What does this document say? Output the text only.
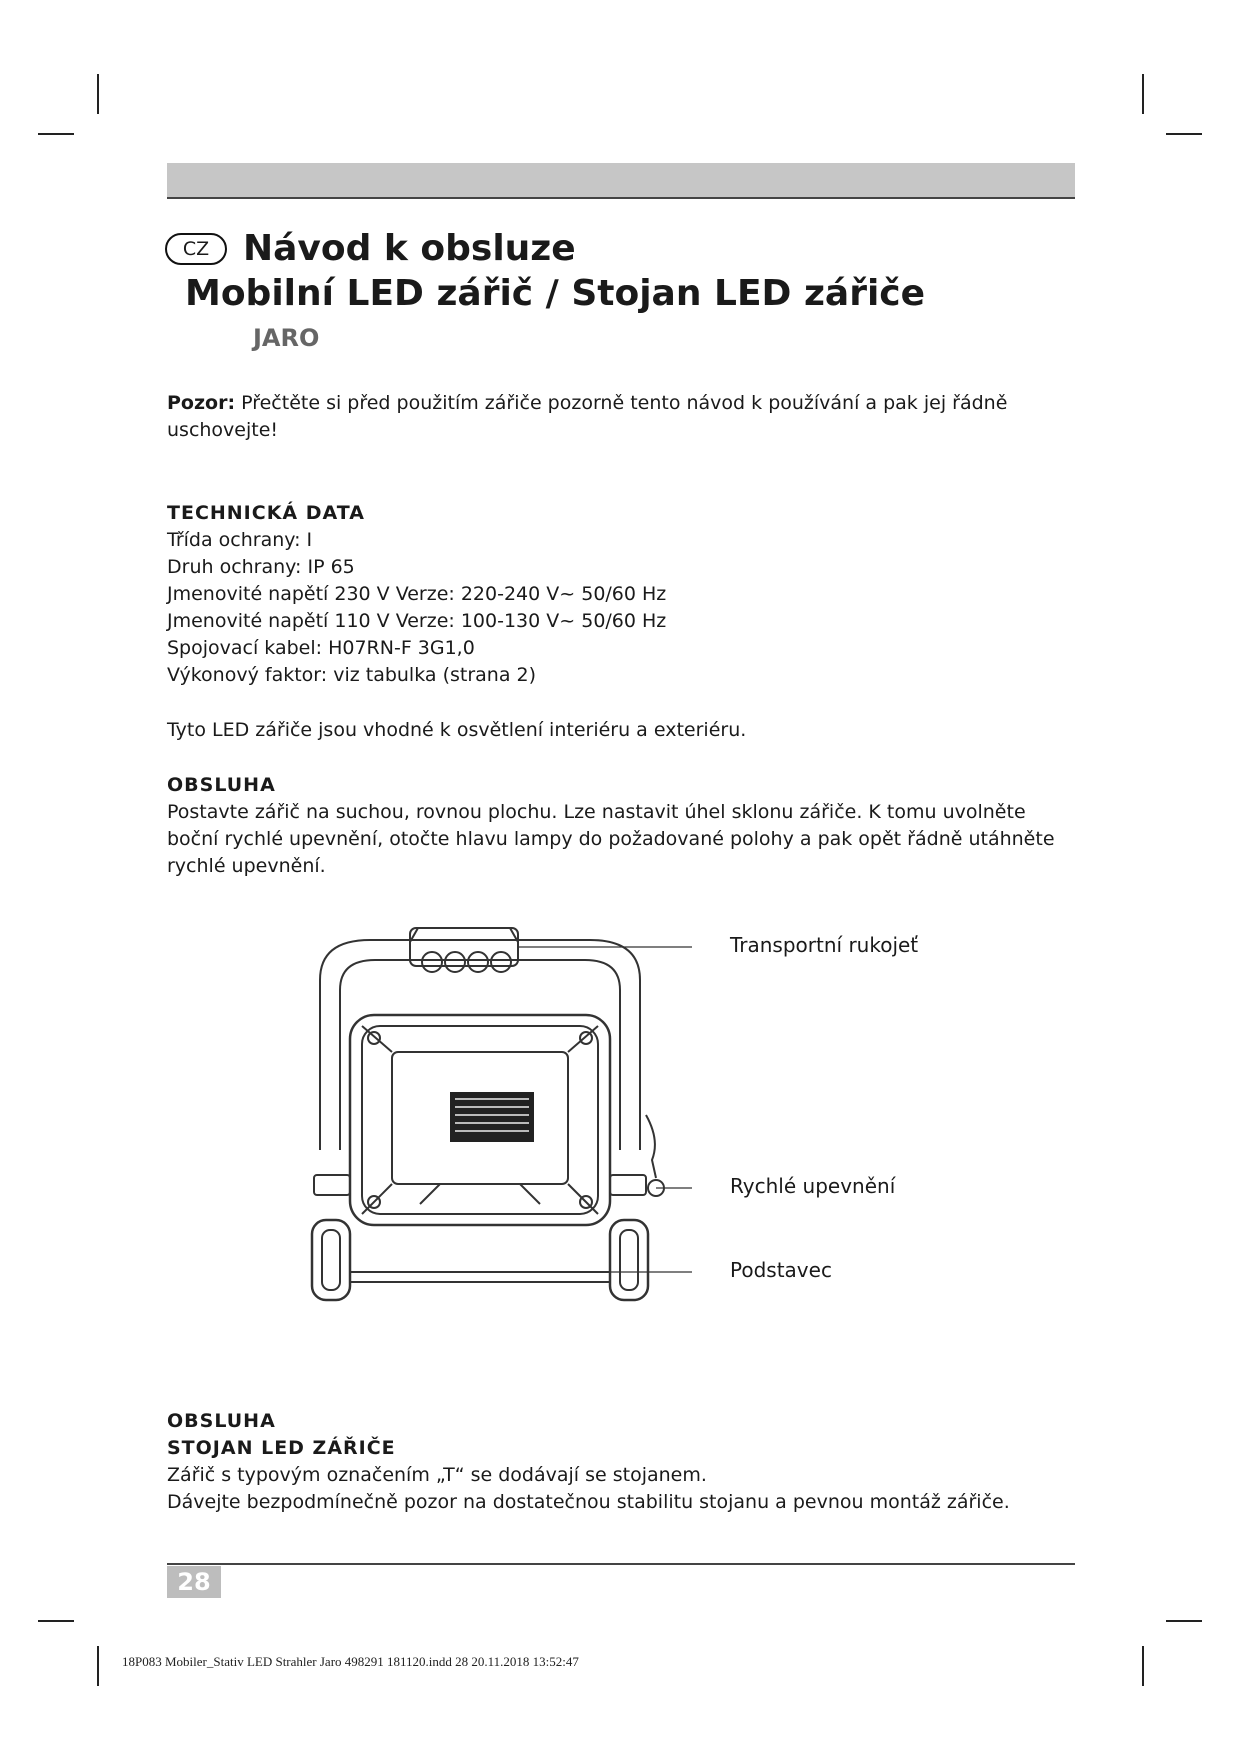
CZ Návod k obsluze
Mobilní LED zářič / Stojan LED zářiče
JARO

Pozor: Přečtěte si před použitím zářiče pozorně tento návod k používání a pak jej řádně uschovejte!

TECHNICKÁ DATA

Třída ochrany: I

Druh ochrany: IP 65

Jmenovité napětí 230 V Verze: 220-240 V~ 50/60 Hz

Jmenovité napětí 110 V Verze: 100-130 V~ 50/60 Hz

Spojovací kabel: H07RN-F 3G1,0

Výkonový faktor: viz tabulka (strana 2)

Tyto LED zářiče jsou vhodné k osvětlení interiéru a exteriéru.

OBSLUHA

Postavte zářič na suchou, rovnou plochu. Lze nastavit úhel sklonu zářiče. K tomu uvolněte boční rychlé upevnění, otočte hlavu lampy do požadované polohy a pak opět řádně utáhněte rychlé upevnění.

Transportní rukojeť
Rychlé upevnění
Podstavec

OBSLUHA

STOJAN LED ZÁŘIČE

Zářič s typovým označením „T“ se dodávají se stojanem.

Dávejte bezpodmínečně pozor na dostatečnou stabilitu stojanu a pevnou montáž zářiče.

28
18P083 Mobiler_Stativ LED Strahler Jaro 498291 181120.indd 28 20.11.2018 13:52:47
